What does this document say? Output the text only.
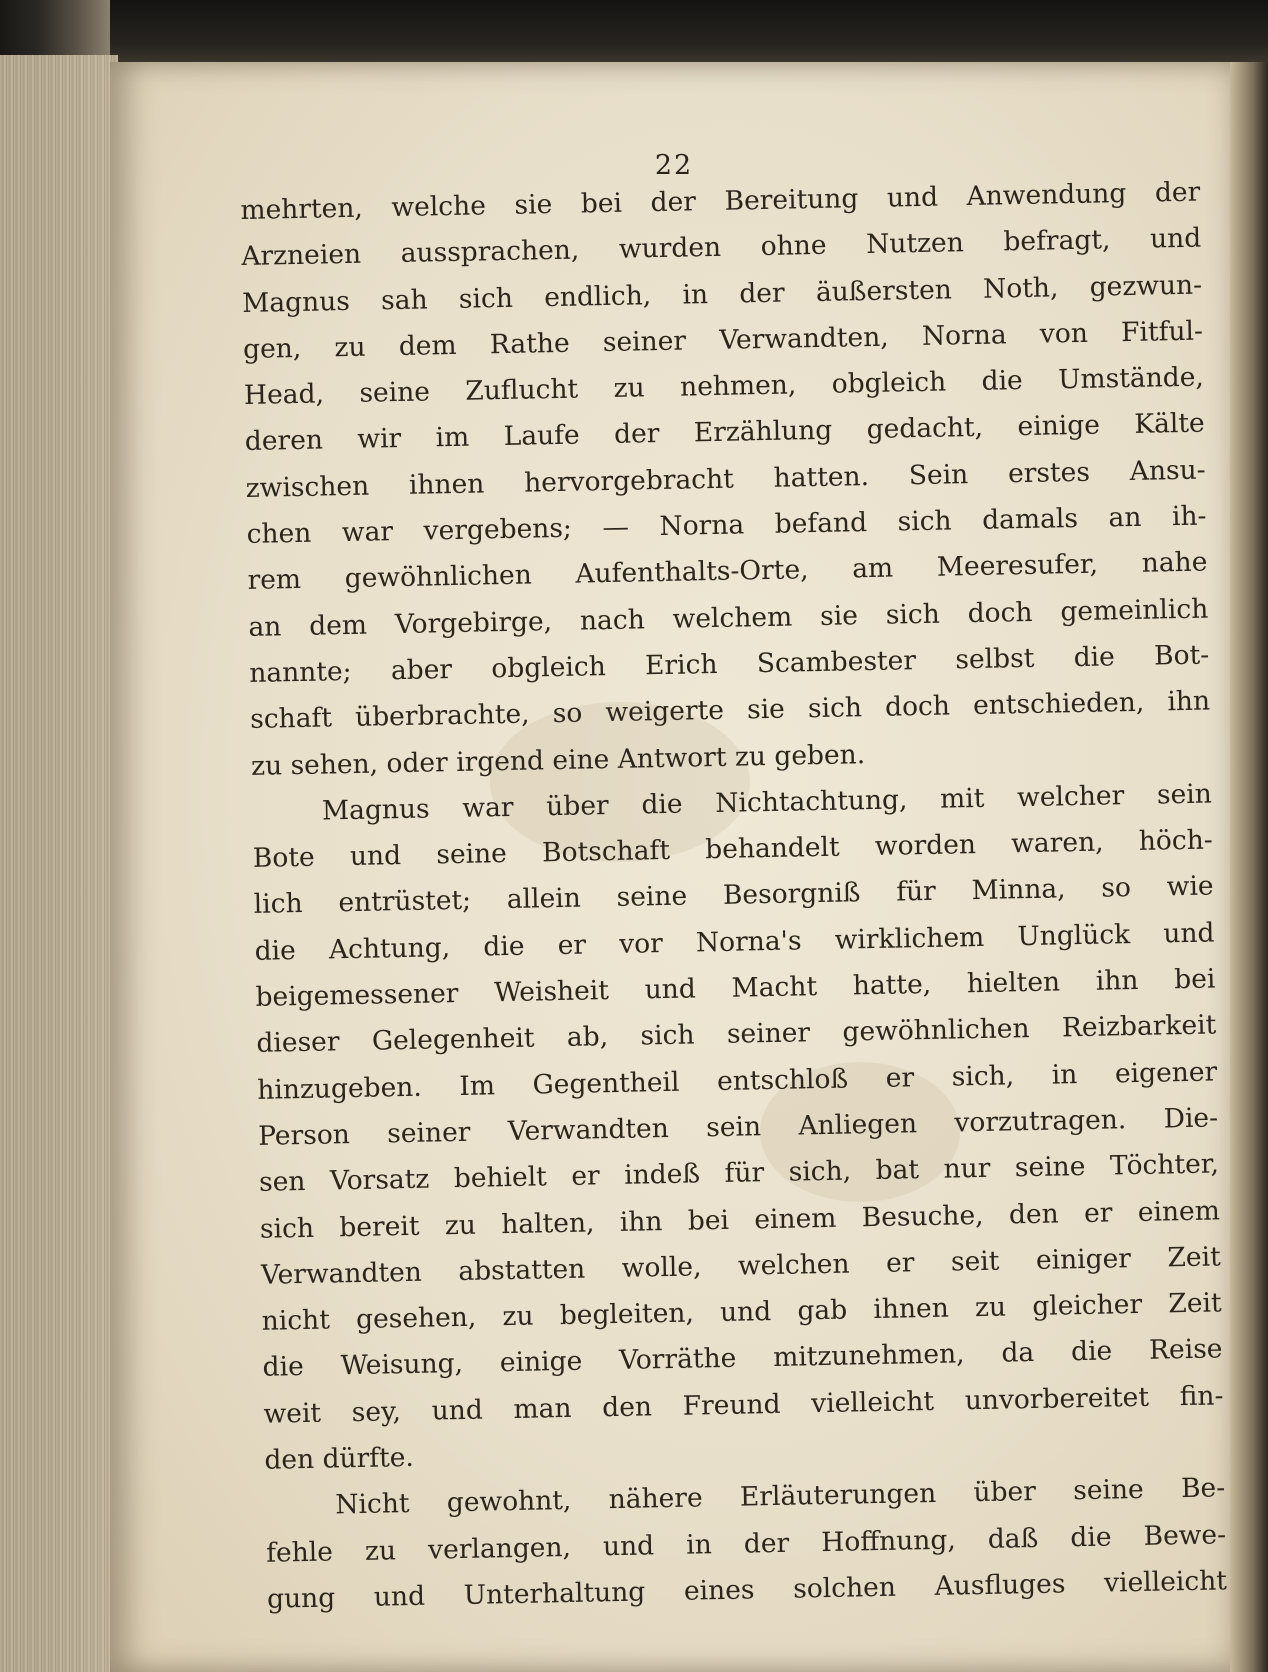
22
mehrten, welche sie bei der Bereitung und Anwendung der
Arzneien aussprachen, wurden ohne Nutzen befragt, und
Magnus sah sich endlich, in der äußersten Noth, gezwun-
gen, zu dem Rathe seiner Verwandten, Norna von Fitful-
Head, seine Zuflucht zu nehmen, obgleich die Umstände,
deren wir im Laufe der Erzählung gedacht, einige Kälte
zwischen ihnen hervorgebracht hatten. Sein erstes Ansu-
chen war vergebens; — Norna befand sich damals an ih-
rem gewöhnlichen Aufenthalts-Orte, am Meeresufer, nahe
an dem Vorgebirge, nach welchem sie sich doch gemeinlich
nannte; aber obgleich Erich Scambester selbst die Bot-
schaft überbrachte, so weigerte sie sich doch entschieden, ihn
zu sehen, oder irgend eine Antwort zu geben.
Magnus war über die Nichtachtung, mit welcher sein
Bote und seine Botschaft behandelt worden waren, höch-
lich entrüstet; allein seine Besorgniß für Minna, so wie
die Achtung, die er vor Norna's wirklichem Unglück und
beigemessener Weisheit und Macht hatte, hielten ihn bei
dieser Gelegenheit ab, sich seiner gewöhnlichen Reizbarkeit
hinzugeben. Im Gegentheil entschloß er sich, in eigener
Person seiner Verwandten sein Anliegen vorzutragen. Die-
sen Vorsatz behielt er indeß für sich, bat nur seine Töchter,
sich bereit zu halten, ihn bei einem Besuche, den er einem
Verwandten abstatten wolle, welchen er seit einiger Zeit
nicht gesehen, zu begleiten, und gab ihnen zu gleicher Zeit
die Weisung, einige Vorräthe mitzunehmen, da die Reise
weit sey, und man den Freund vielleicht unvorbereitet fin-
den dürfte.
Nicht gewohnt, nähere Erläuterungen über seine Be-
fehle zu verlangen, und in der Hoffnung, daß die Bewe-
gung und Unterhaltung eines solchen Ausfluges vielleicht
